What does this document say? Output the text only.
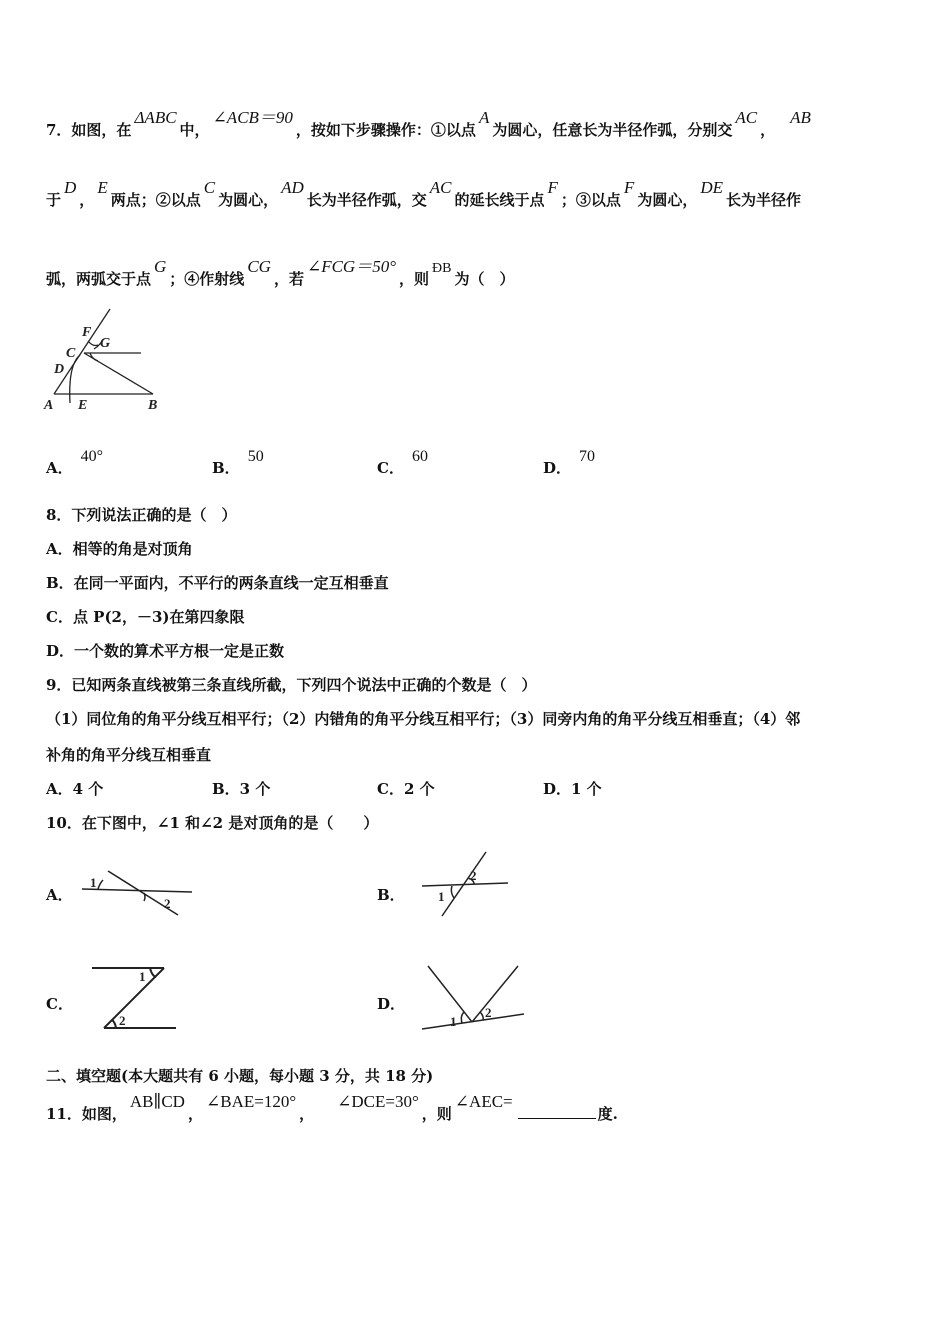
7．如图，在ΔABC中，∠ACB＝90，按如下步骤操作：①以点A为圆心，任意长为半径作弧，分别交AC，AB
于D，E两点；②以点C为圆心，AD长为半径作弧，交AC的延长线于点F；③以点F为圆心，DE长为半径作
弧，两弧交于点G；④作射线CG，若∠FCG＝50°，则ÐB为（　）
F
G
C
D
A E	B
A．40°
B．50
C．60
D．70
8．下列说法正确的是（　）
A．相等的角是对顶角
B．在同一平面内，不平行的两条直线一定互相垂直
C．点 P(2，－3)在第四象限
D．一个数的算术平方根一定是正数
9．已知两条直线被第三条直线所截，下列四个说法中正确的个数是（　）
（1）同位角的角平分线互相平行；（2）内错角的角平分线互相平行；（3）同旁内角的角平分线互相垂直；（4）邻
补角的角平分线互相垂直
A．4 个	B．3 个	C．2 个	D．1 个
10．在下图中，∠1 和∠2 是对顶角的是（　　）
A．
1
2	B．	1
2
C．
1
2
D．
1
2
二、填空题(本大题共有 6 小题，每小题 3 分，共 18 分)
11．如图，AB∥CD，∠BAE=120°，∠DCE=30°，则∠AEC=度.
